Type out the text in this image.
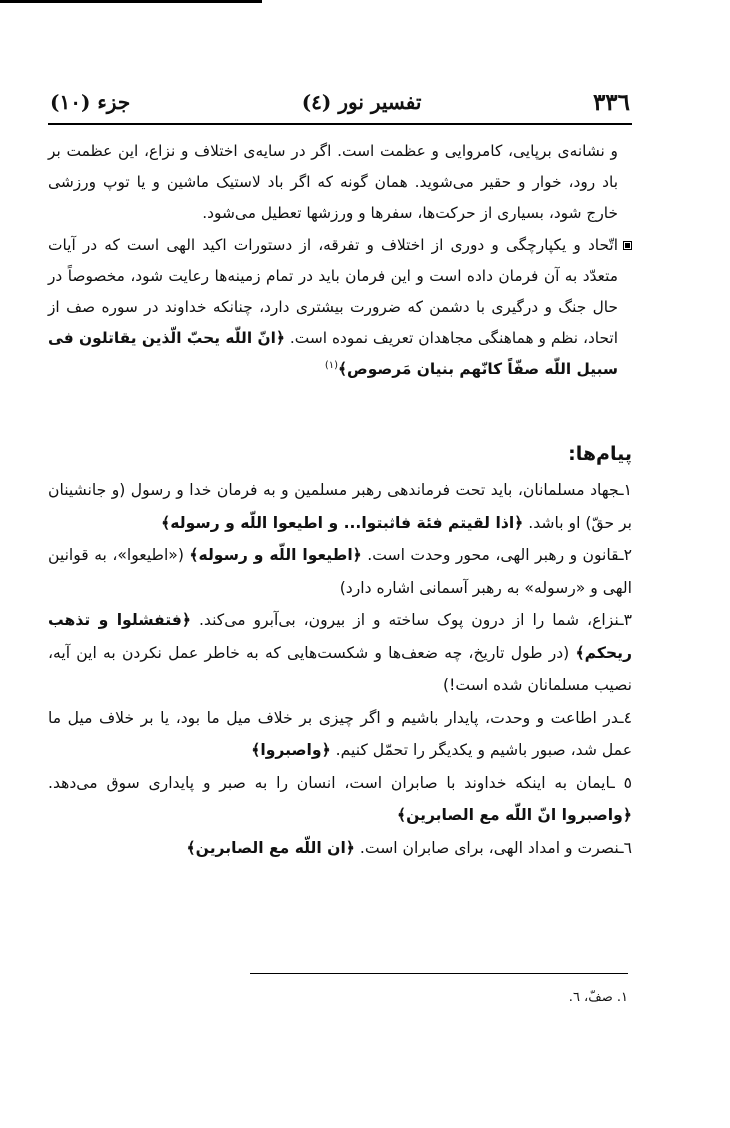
٣٣٦
تفسیر نور (٤)
جزء (١٠)

و نشانه‌ی برپایی، کامروایی و عظمت است. اگر در سایه‌ی اختلاف و نزاع، این عظمت بر باد رود، خوار و حقیر می‌شوید. همان گونه که اگر باد لاستیک ماشین و یا توپ ورزشی خارج شود، بسیاری از حرکت‌ها، سفرها و ورزشها تعطیل می‌شود.

اتّحاد و یکپارچگی و دوری از اختلاف و تفرقه، از دستورات اکید الهی است که در آیات متعدّد به آن فرمان داده است و این فرمان باید در تمام زمینه‌ها رعایت شود، مخصوصاً در حال جنگ و درگیری با دشمن که ضرورت بیشتری دارد، چنانکه خداوند در سوره صف از اتحاد، نظم و هماهنگی مجاهدان تعریف نموده است. ﴿انّ اللّه یحبّ الّذین یقاتلون فی سبیل اللّه صفّاً کانّهم بنیان مَرصوص﴾$^{(١)}$

پیام‌ها:

١ـجهاد مسلمانان، باید تحت فرماندهی رهبر مسلمین و به فرمان خدا و رسول (و جانشینان بر حقّ) او باشد. ﴿اذا لقیتم فئة فاثبتوا... و اطیعوا اللّه و رسوله﴾

٢ـقانون و رهبر الهی، محور وحدت است. ﴿اطیعوا اللّه و رسوله﴾ («اطیعوا»، به قوانین الهی و «رسوله» به رهبر آسمانی اشاره دارد)

٣ـنزاع، شما را از درون پوک ساخته و از بیرون، بی‌آبرو می‌کند. ﴿فتفشلوا و تذهب ریحکم﴾ (در طول تاریخ، چه ضعف‌ها و شکست‌هایی که به خاطر عمل نکردن به این آیه، نصیب مسلمانان شده است!)

٤ـدر اطاعت و وحدت، پایدار باشیم و اگر چیزی بر خلاف میل ما بود، یا بر خلاف میل ما عمل شد، صبور باشیم و یکدیگر را تحمّل کنیم. ﴿واصبروا﴾

٥ ـایمان به اینکه خداوند با صابران است، انسان را به صبر و پایداری سوق می‌دهد. ﴿واصبروا انّ اللّه مع الصابرین﴾

٦ـنصرت و امداد الهی، برای صابران است. ﴿ان اللّه مع الصابرین﴾

١. صفّ، ٦.
